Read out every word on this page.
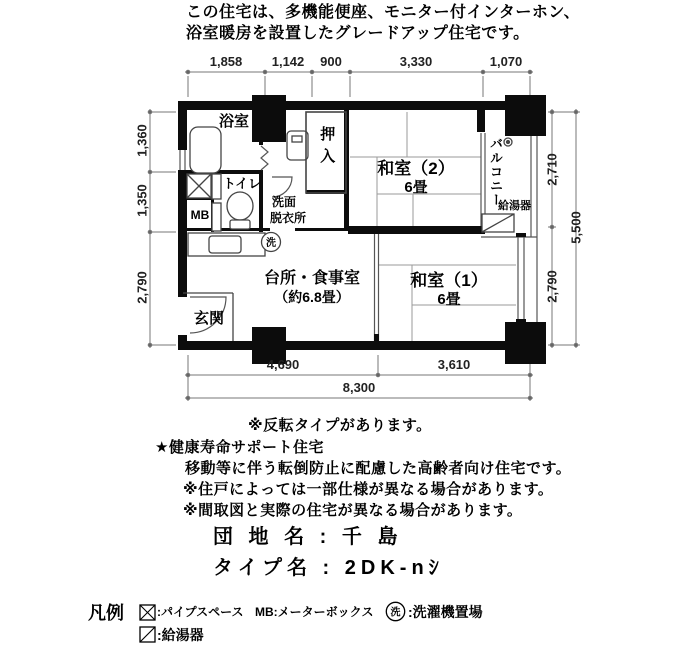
この住宅は、多機能便座、モニター付インターホン、
浴室暖房を設置したグレードアップ住宅です。
洗
浴室
トイレ
MB
押入
洗面
脱衣所
和室（2）
6畳
和室（1）
6畳
バルコニー
給湯器
台所・食事室
（約6.8畳）
玄関
1,858 1,142 900	3,330	1,070
1,360
1,350
2,790
2,710
2,790
5,500
4,690	3,610
8,300
※反転タイプがあります。
★健康寿命サポート住宅
移動等に伴う転倒防止に配慮した高齢者向け住宅です。
※住戸によっては一部仕様が異なる場合があります。
※間取図と実際の住宅が異なる場合があります。
団 地 名 : 千 島
タイプ名 : 2DK-nｼ
凡例	:パイプスペース MB:メーターボックス 洗 :洗濯機置場
:給湯器
